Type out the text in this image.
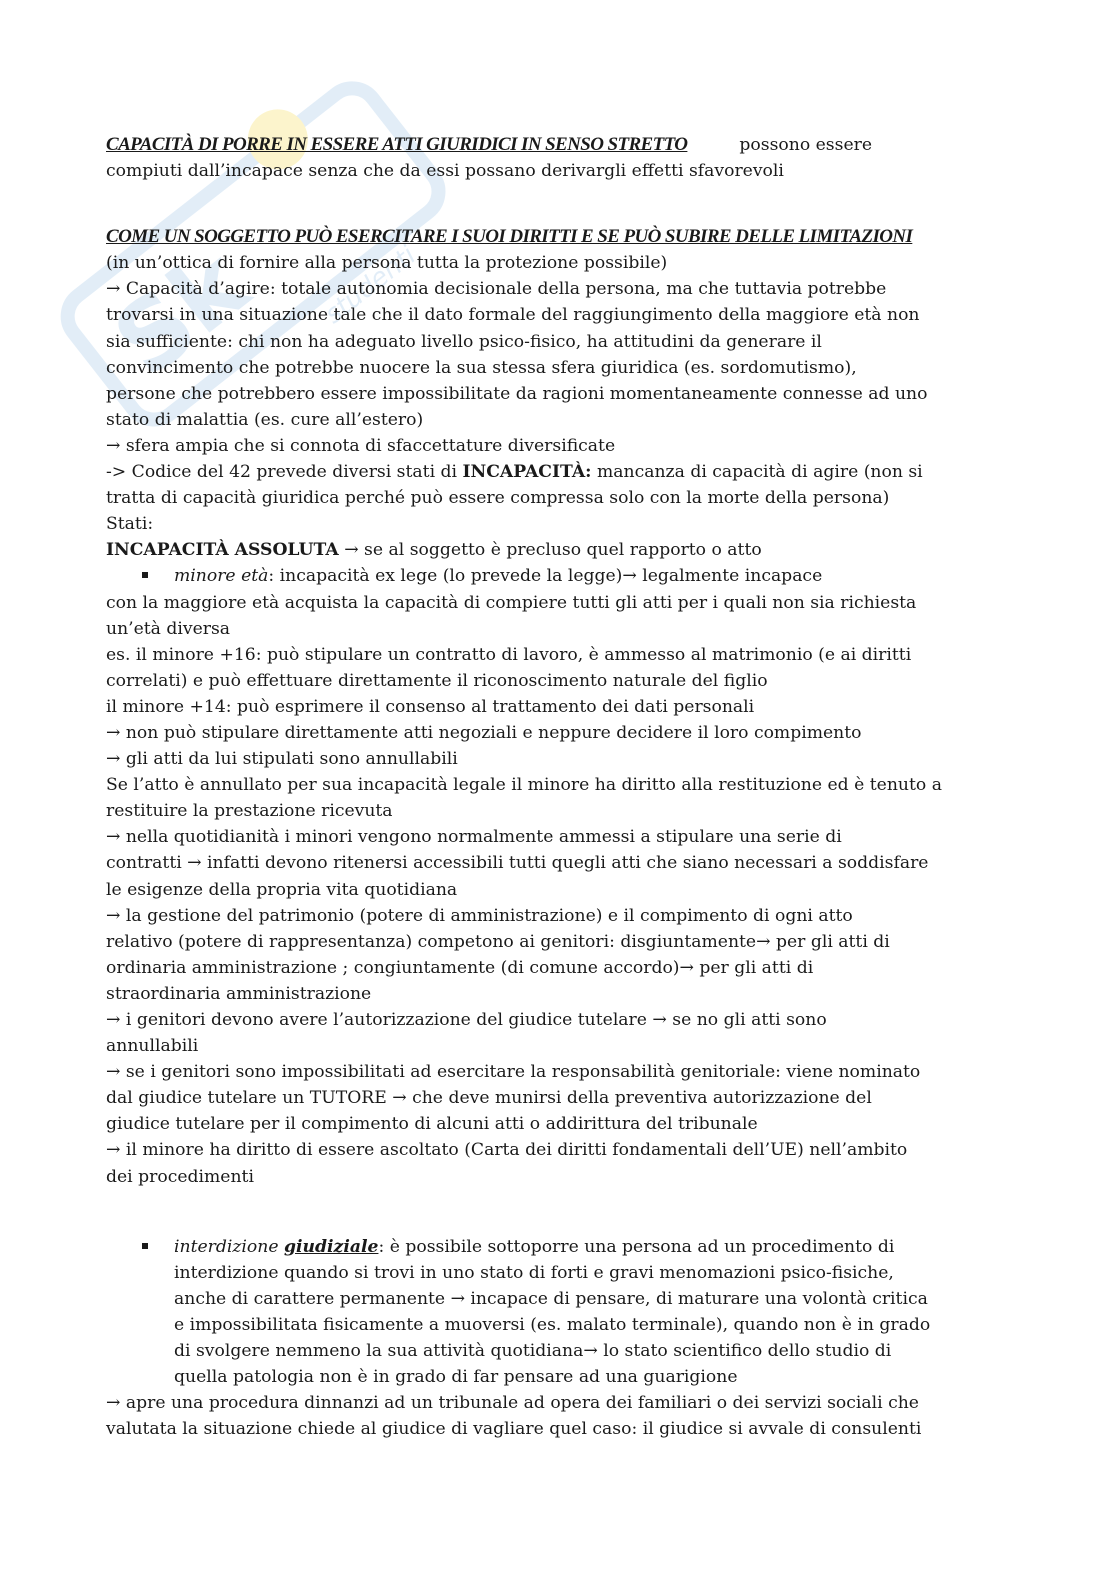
Sk studenti
CAPACITÀ DI PORRE IN ESSERE ATTI GIURIDICI IN SENSO STRETTO	possono essere
compiuti dall’incapace senza che da essi possano derivargli effetti sfavorevoli
COME UN SOGGETTO PUÒ ESERCITARE I SUOI DIRITTI E SE PUÒ SUBIRE DELLE LIMITAZIONI
(in un’ottica di fornire alla persona tutta la protezione possibile)
→ Capacità d’agire: totale autonomia decisionale della persona, ma che tuttavia potrebbe
trovarsi in una situazione tale che il dato formale del raggiungimento della maggiore età non
sia sufficiente: chi non ha adeguato livello psico-fisico, ha attitudini da generare il
convincimento che potrebbe nuocere la sua stessa sfera giuridica (es. sordomutismo),
persone che potrebbero essere impossibilitate da ragioni momentaneamente connesse ad uno
stato di malattia (es. cure all’estero)
→ sfera ampia che si connota di sfaccettature diversificate
-> Codice del 42 prevede diversi stati di INCAPACITÀ: mancanza di capacità di agire (non si
tratta di capacità giuridica perché può essere compressa solo con la morte della persona)
Stati:
INCAPACITÀ ASSOLUTA → se al soggetto è precluso quel rapporto o atto
minore età: incapacità ex lege (lo prevede la legge)→ legalmente incapace
con la maggiore età acquista la capacità di compiere tutti gli atti per i quali non sia richiesta
un’età diversa
es. il minore +16: può stipulare un contratto di lavoro, è ammesso al matrimonio (e ai diritti
correlati) e può effettuare direttamente il riconoscimento naturale del figlio
il minore +14: può esprimere il consenso al trattamento dei dati personali
→ non può stipulare direttamente atti negoziali e neppure decidere il loro compimento
→ gli atti da lui stipulati sono annullabili
Se l’atto è annullato per sua incapacità legale il minore ha diritto alla restituzione ed è tenuto a
restituire la prestazione ricevuta
→ nella quotidianità i minori vengono normalmente ammessi a stipulare una serie di
contratti → infatti devono ritenersi accessibili tutti quegli atti che siano necessari a soddisfare
le esigenze della propria vita quotidiana
→ la gestione del patrimonio (potere di amministrazione) e il compimento di ogni atto
relativo (potere di rappresentanza) competono ai genitori: disgiuntamente→ per gli atti di
ordinaria amministrazione ; congiuntamente (di comune accordo)→ per gli atti di
straordinaria amministrazione
→ i genitori devono avere l’autorizzazione del giudice tutelare → se no gli atti sono
annullabili
→ se i genitori sono impossibilitati ad esercitare la responsabilità genitoriale: viene nominato
dal giudice tutelare un TUTORE → che deve munirsi della preventiva autorizzazione del
giudice tutelare per il compimento di alcuni atti o addirittura del tribunale
→ il minore ha diritto di essere ascoltato (Carta dei diritti fondamentali dell’UE) nell’ambito
dei procedimenti
interdizione giudiziale: è possibile sottoporre una persona ad un procedimento di
interdizione quando si trovi in uno stato di forti e gravi menomazioni psico-fisiche,
anche di carattere permanente → incapace di pensare, di maturare una volontà critica
e impossibilitata fisicamente a muoversi (es. malato terminale), quando non è in grado
di svolgere nemmeno la sua attività quotidiana→ lo stato scientifico dello studio di
quella patologia non è in grado di far pensare ad una guarigione
→ apre una procedura dinnanzi ad un tribunale ad opera dei familiari o dei servizi sociali che
valutata la situazione chiede al giudice di vagliare quel caso: il giudice si avvale di consulenti
